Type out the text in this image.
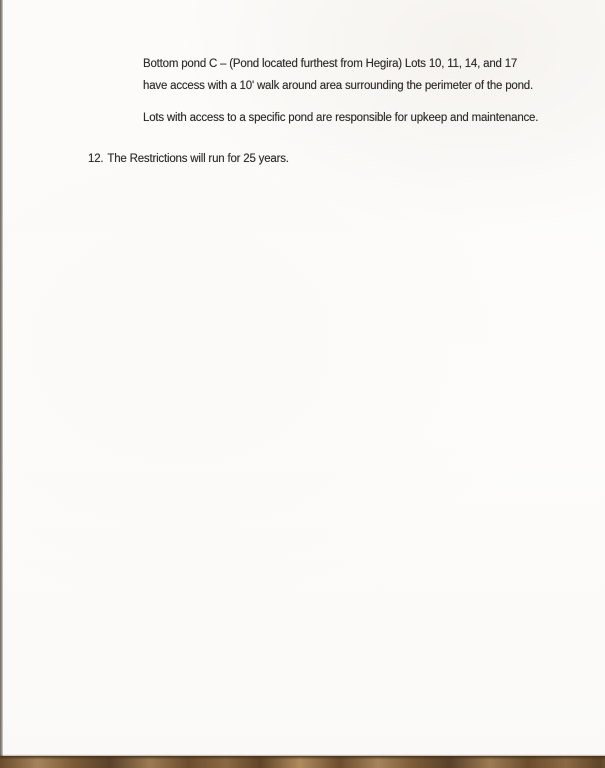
Bottom pond C – (Pond located furthest from Hegira) Lots 10, 11, 14, and 17
have access with a 10' walk around area surrounding the perimeter of the pond.
Lots with access to a specific pond are responsible for upkeep and maintenance.
12. The Restrictions will run for 25 years.
